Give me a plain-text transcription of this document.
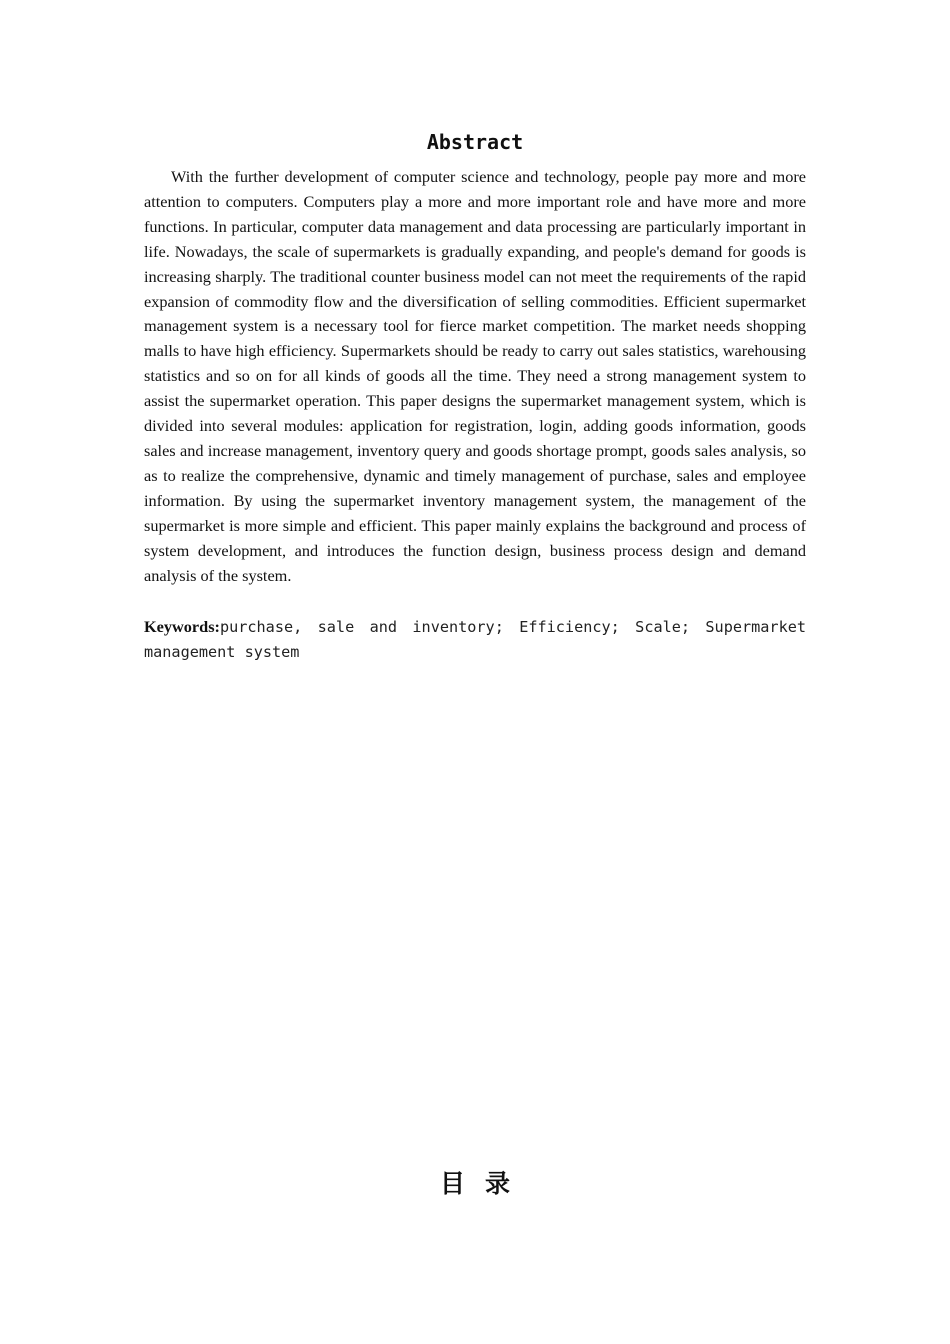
Abstract

With the further development of computer science and technology, people pay more and more attention to computers. Computers play a more and more important role and have more and more functions. In particular, computer data management and data processing are particularly important in life. Nowadays, the scale of supermarkets is gradually expanding, and people's demand for goods is increasing sharply. The traditional counter business model can not meet the requirements of the rapid expansion of commodity flow and the diversification of selling commodities. Efficient supermarket management system is a necessary tool for fierce market competition. The market needs shopping malls to have high efficiency. Supermarkets should be ready to carry out sales statistics, warehousing statistics and so on for all kinds of goods all the time. They need a strong management system to assist the supermarket operation. This paper designs the supermarket management system, which is divided into several modules: application for registration, login, adding goods information, goods sales and increase management, inventory query and goods shortage prompt, goods sales analysis, so as to realize the comprehensive, dynamic and timely management of purchase, sales and employee information. By using the supermarket inventory management system, the management of the supermarket is more simple and efficient. This paper mainly explains the background and process of system development, and introduces the function design, business process design and demand analysis of the system.

Keywords:purchase, sale and inventory; Efficiency; Scale; Supermarket management system

目录
